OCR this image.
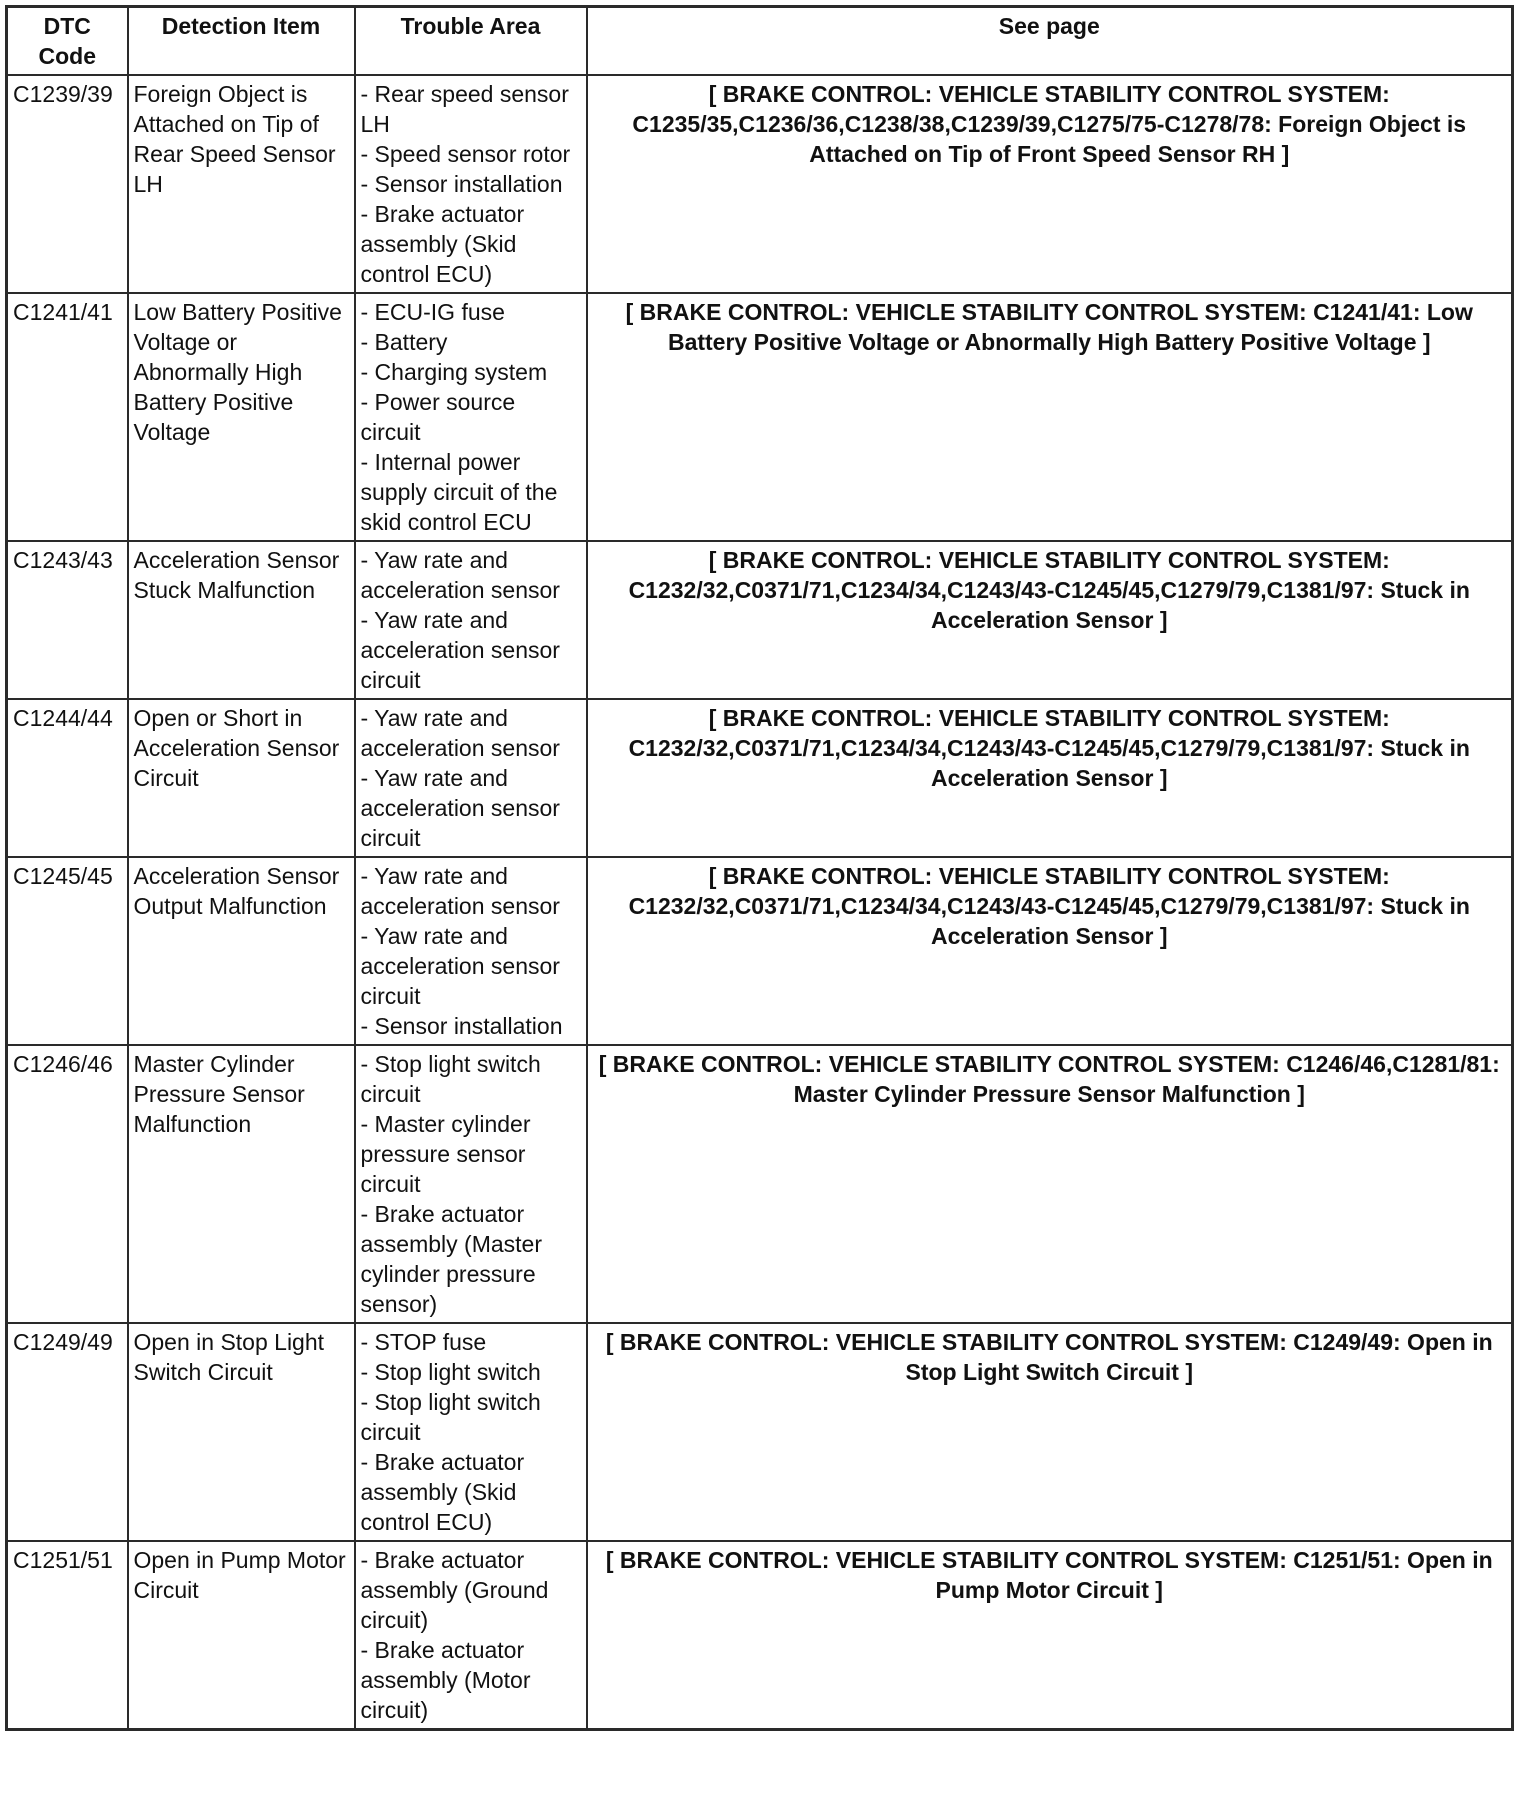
DTC Code	Detection Item	Trouble Area	See page
C1239/39	Foreign Object is Attached on Tip of Rear Speed Sensor LH	- Rear speed sensor LH
- Speed sensor rotor
- Sensor installation
- Brake actuator assembly (Skid control ECU)	[ BRAKE CONTROL: VEHICLE STABILITY CONTROL SYSTEM: C1235/35,C1236/36,C1238/38,C1239/39,C1275/75-C1278/78: Foreign Object is Attached on Tip of Front Speed Sensor RH ]
C1241/41	Low Battery Positive Voltage or Abnormally High Battery Positive Voltage	- ECU-IG fuse
- Battery
- Charging system
- Power source circuit
- Internal power supply circuit of the skid control ECU	[ BRAKE CONTROL: VEHICLE STABILITY CONTROL SYSTEM: C1241/41: Low Battery Positive Voltage or Abnormally High Battery Positive Voltage ]
C1243/43	Acceleration Sensor Stuck Malfunction	- Yaw rate and acceleration sensor
- Yaw rate and acceleration sensor circuit	[ BRAKE CONTROL: VEHICLE STABILITY CONTROL SYSTEM: C1232/32,C0371/71,C1234/34,C1243/43-C1245/45,C1279/79,C1381/97: Stuck in Acceleration Sensor ]
C1244/44	Open or Short in Acceleration Sensor Circuit	- Yaw rate and acceleration sensor
- Yaw rate and acceleration sensor circuit	[ BRAKE CONTROL: VEHICLE STABILITY CONTROL SYSTEM: C1232/32,C0371/71,C1234/34,C1243/43-C1245/45,C1279/79,C1381/97: Stuck in Acceleration Sensor ]
C1245/45	Acceleration Sensor Output Malfunction	- Yaw rate and acceleration sensor
- Yaw rate and acceleration sensor circuit
- Sensor installation	[ BRAKE CONTROL: VEHICLE STABILITY CONTROL SYSTEM: C1232/32,C0371/71,C1234/34,C1243/43-C1245/45,C1279/79,C1381/97: Stuck in Acceleration Sensor ]
C1246/46	Master Cylinder Pressure Sensor Malfunction	- Stop light switch circuit
- Master cylinder pressure sensor circuit
- Brake actuator assembly (Master cylinder pressure sensor)	[ BRAKE CONTROL: VEHICLE STABILITY CONTROL SYSTEM: C1246/46,C1281/81: Master Cylinder Pressure Sensor Malfunction ]
C1249/49	Open in Stop Light Switch Circuit	- STOP fuse
- Stop light switch
- Stop light switch circuit
- Brake actuator assembly (Skid control ECU)	[ BRAKE CONTROL: VEHICLE STABILITY CONTROL SYSTEM: C1249/49: Open in Stop Light Switch Circuit ]
C1251/51	Open in Pump Motor Circuit	- Brake actuator assembly (Ground circuit)
- Brake actuator assembly (Motor circuit)	[ BRAKE CONTROL: VEHICLE STABILITY CONTROL SYSTEM: C1251/51: Open in Pump Motor Circuit ]
